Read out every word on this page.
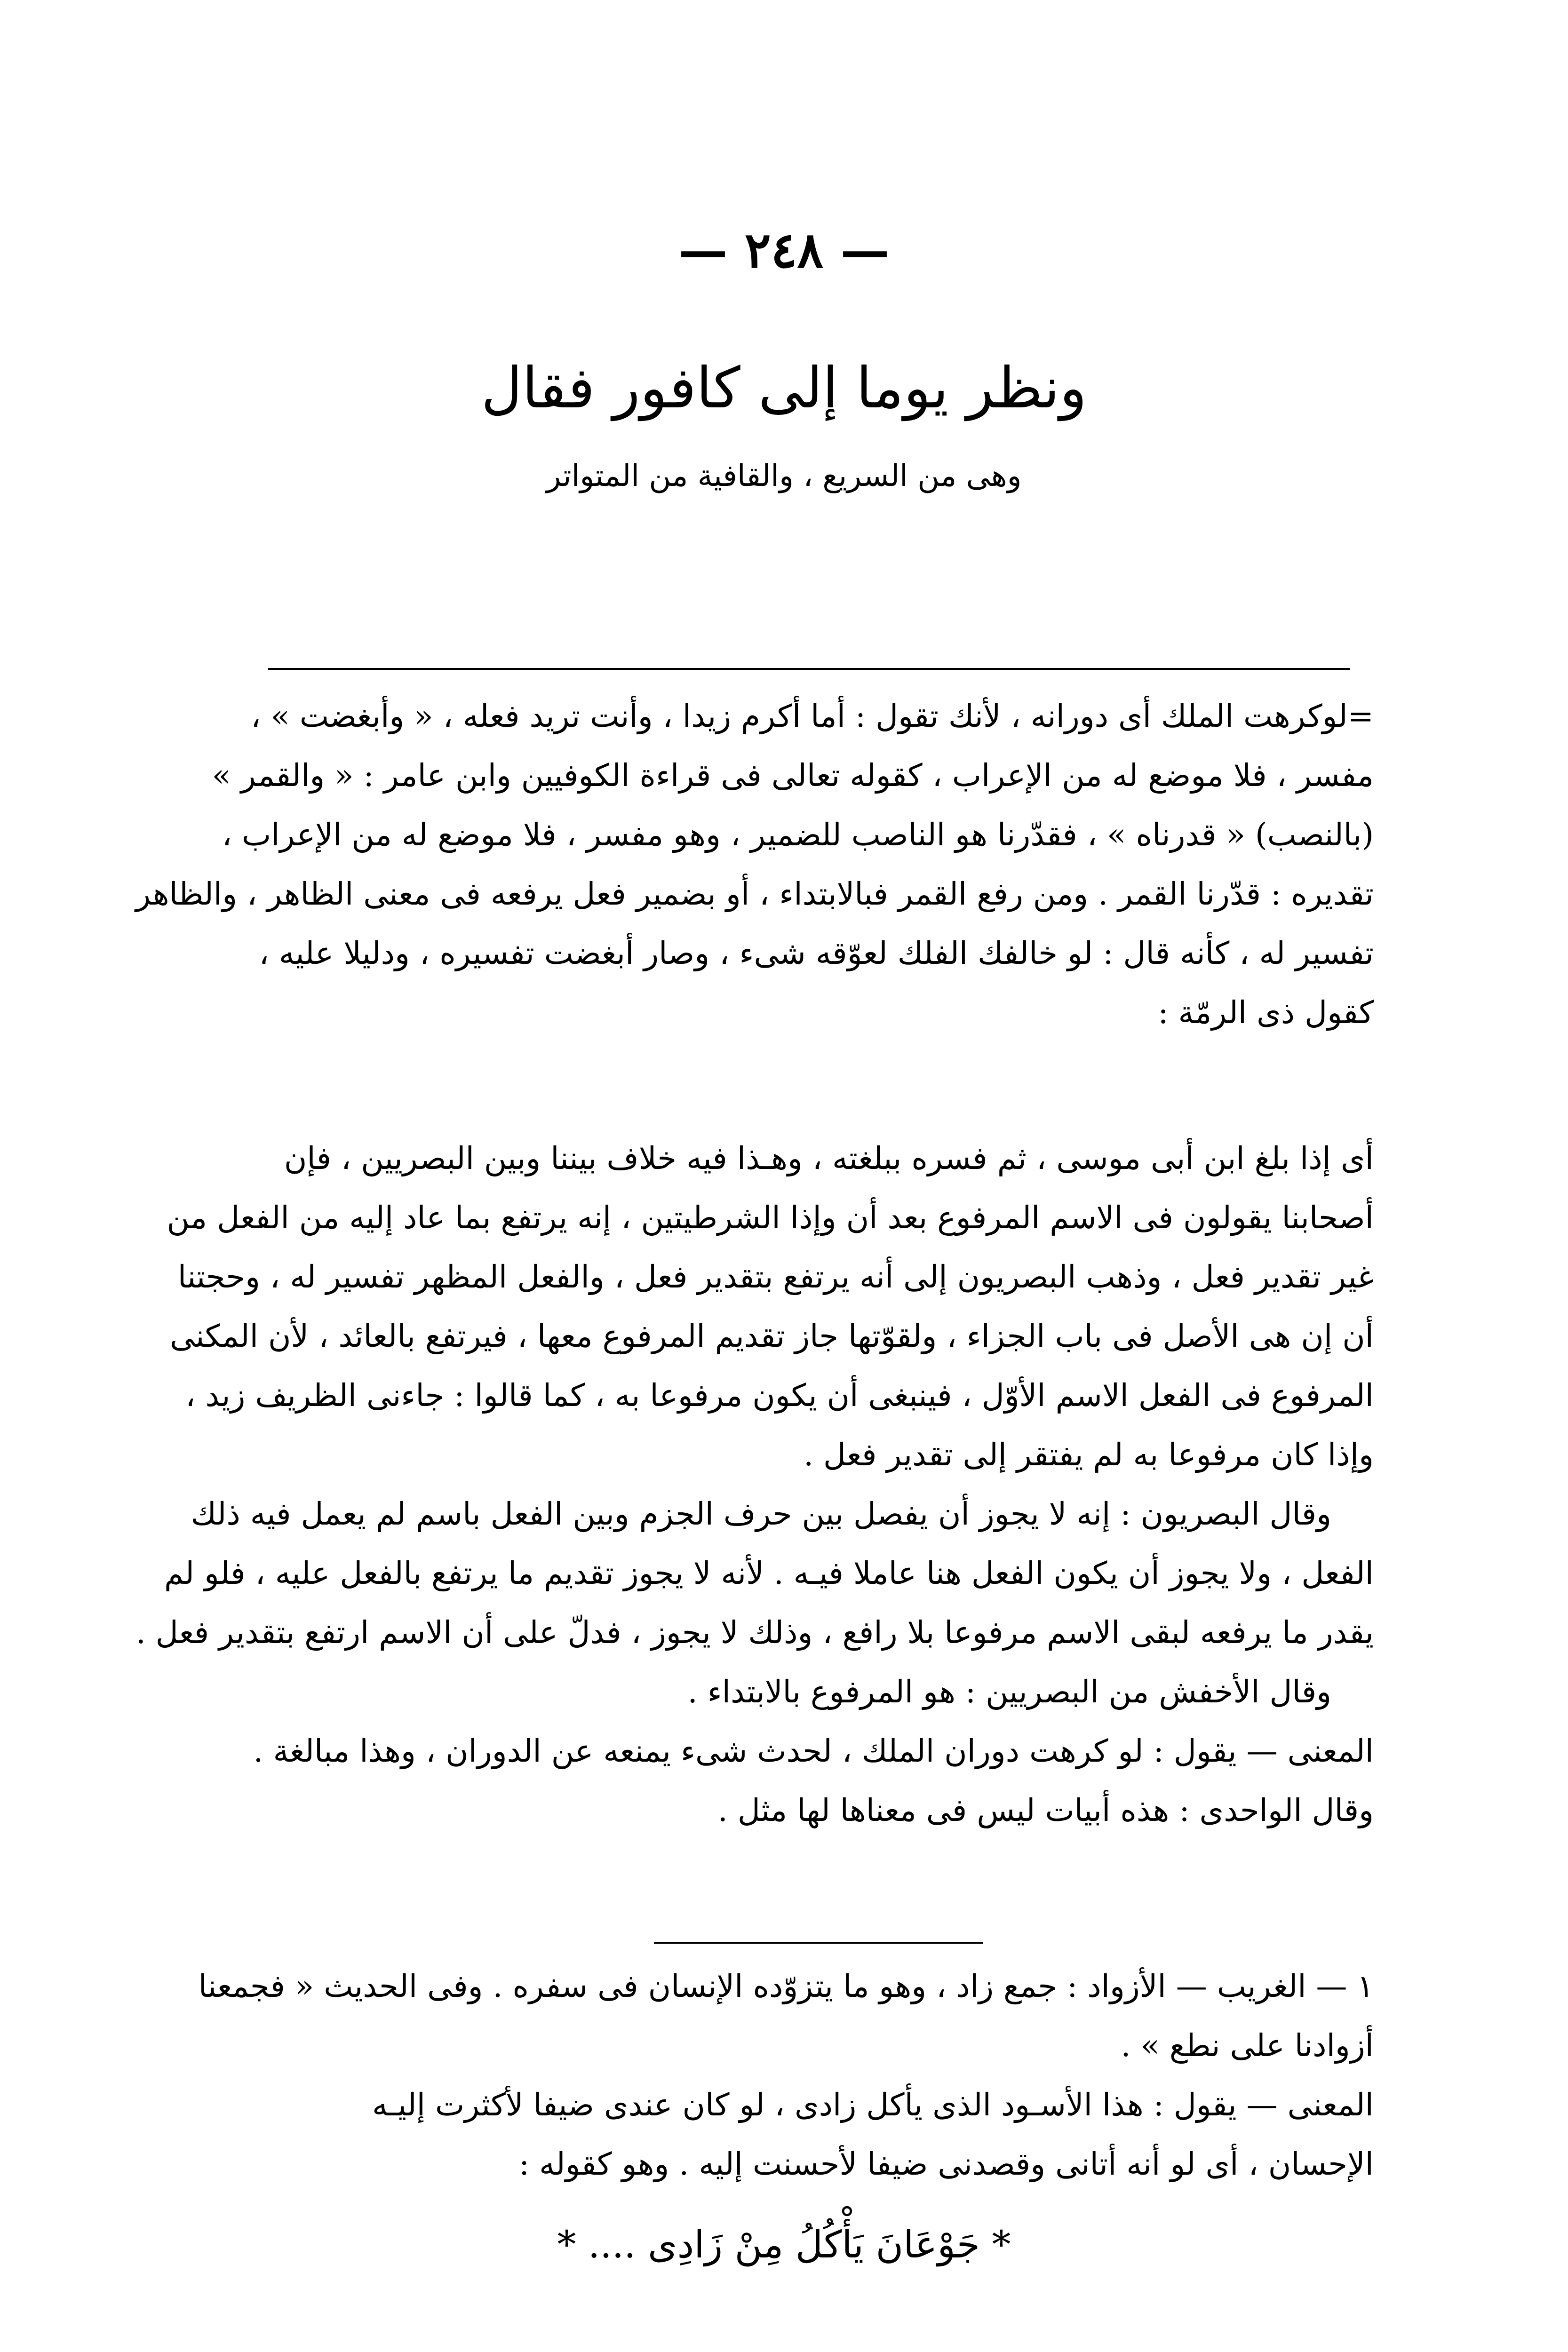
— ٢٤٨ —
ونظر يوما إلى كافور فقال
وهى من السريع ، والقافية من المتواتر
=لوكرهت الملك أى دورانه ، لأنك تقول : أما أكرم زيدا ، وأنت تريد فعله ، « وأبغضت » ،
مفسر ، فلا موضع له من الإعراب ، كقوله تعالى فى قراءة الكوفيين وابن عامر : « والقمر »
(بالنصب) « قدرناه » ، فقدّرنا هو الناصب للضمير ، وهو مفسر ، فلا موضع له من الإعراب ،
تقديره : قدّرنا القمر . ومن رفع القمر فبالابتداء ، أو بضمير فعل يرفعه فى معنى الظاهر ، والظاهر
تفسير له ، كأنه قال : لو خالفك الفلك لعوّقه شىء ، وصار أبغضت تفسيره ، ودليلا عليه ،
كقول ذى الرمّة :
أى إذا بلغ ابن أبى موسى ، ثم فسره ببلغته ، وهـذا فيه خلاف بيننا وبين البصريين ، فإن
أصحابنا يقولون فى الاسم المرفوع بعد أن وإذا الشرطيتين ، إنه يرتفع بما عاد إليه من الفعل من
غير تقدير فعل ، وذهب البصريون إلى أنه يرتفع بتقدير فعل ، والفعل المظهر تفسير له ، وحجتنا
أن إن هى الأصل فى باب الجزاء ، ولقوّتها جاز تقديم المرفوع معها ، فيرتفع بالعائد ، لأن المكنى
المرفوع فى الفعل الاسم الأوّل ، فينبغى أن يكون مرفوعا به ، كما قالوا : جاءنى الظريف زيد ،
وإذا كان مرفوعا به لم يفتقر إلى تقدير فعل .
وقال البصريون : إنه لا يجوز أن يفصل بين حرف الجزم وبين الفعل باسم لم يعمل فيه ذلك
الفعل ، ولا يجوز أن يكون الفعل هنا عاملا فيـه . لأنه لا يجوز تقديم ما يرتفع بالفعل عليه ، فلو لم
يقدر ما يرفعه لبقى الاسم مرفوعا بلا رافع ، وذلك لا يجوز ، فدلّ على أن الاسم ارتفع بتقدير فعل .
وقال الأخفش من البصريين : هو المرفوع بالابتداء .
المعنى — يقول : لو كرهت دوران الملك ، لحدث شىء يمنعه عن الدوران ، وهذا مبالغة .
وقال الواحدى : هذه أبيات ليس فى معناها لها مثل .
١ — الغريب — الأزواد : جمع زاد ، وهو ما يتزوّده الإنسان فى سفره . وفى الحديث « فجمعنا
أزوادنا على نطع » .
المعنى — يقول : هذا الأسـود الذى يأكل زادى ، لو كان عندى ضيفا لأكثرت إليـه
الإحسان ، أى لو أنه أتانى وقصدنى ضيفا لأحسنت إليه . وهو كقوله :
* جَوْعَانَ يَأْكُلُ مِنْ زَادِى .... *
